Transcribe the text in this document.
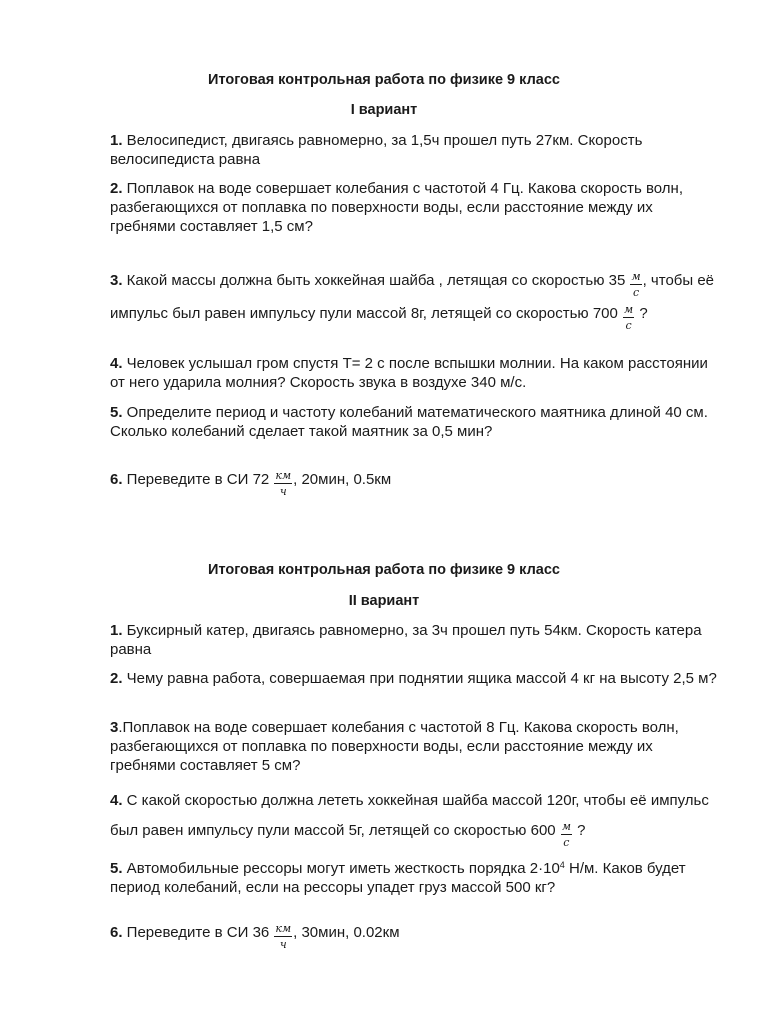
Итоговая контрольная работа по физике 9 класс
I вариант
1. Велосипедист, двигаясь равномерно, за 1,5ч прошел путь 27км. Скорость велосипедиста равна
2. Поплавок на воде совершает колебания с частотой 4 Гц. Какова скорость волн, разбегающихся от поплавка по поверхности воды, если расстояние между их гребнями составляет 1,5 см?
3. Какой массы должна быть хоккейная шайба , летящая со скоростью $35 \frac{м}{с}$ , чтобы её импульс был равен импульсу пули массой 8г, летящей со скоростью $700 \frac{м}{с}$ ?
4. Человек услышал гром спустя Т= 2 с после вспышки молнии. На каком расстоянии от него ударила молния? Скорость звука в воздухе 340 м/с.
5. Определите период и частоту колебаний математического маятника длиной 40 см. Сколько колебаний сделает такой маятник за 0,5 мин?
6. Переведите в СИ $72 \frac{км}{ч}$ , 20мин, 0.5км
Итоговая контрольная работа по физике 9 класс
II вариант
1. Буксирный катер, двигаясь равномерно, за 3ч прошел путь 54км. Скорость катера равна
2. Чему равна работа, совершаемая при поднятии ящика массой 4 кг на высоту 2,5 м?
3.Поплавок на воде совершает колебания с частотой 8 Гц. Какова скорость волн, разбегающихся от поплавка по поверхности воды, если расстояние между их гребнями составляет 5 см?
4. С какой скоростью должна лететь хоккейная шайба массой 120г, чтобы её импульс был равен импульсу пули массой 5г, летящей со скоростью $600 \frac{м}{с}$ ?
5. Автомобильные рессоры могут иметь жесткость порядка $2\cdot 10^4$ Н/м. Каков будет период колебаний, если на рессоры упадет груз массой 500 кг?
6. Переведите в СИ $36 \frac{км}{ч}$ , 30мин, 0.02км
